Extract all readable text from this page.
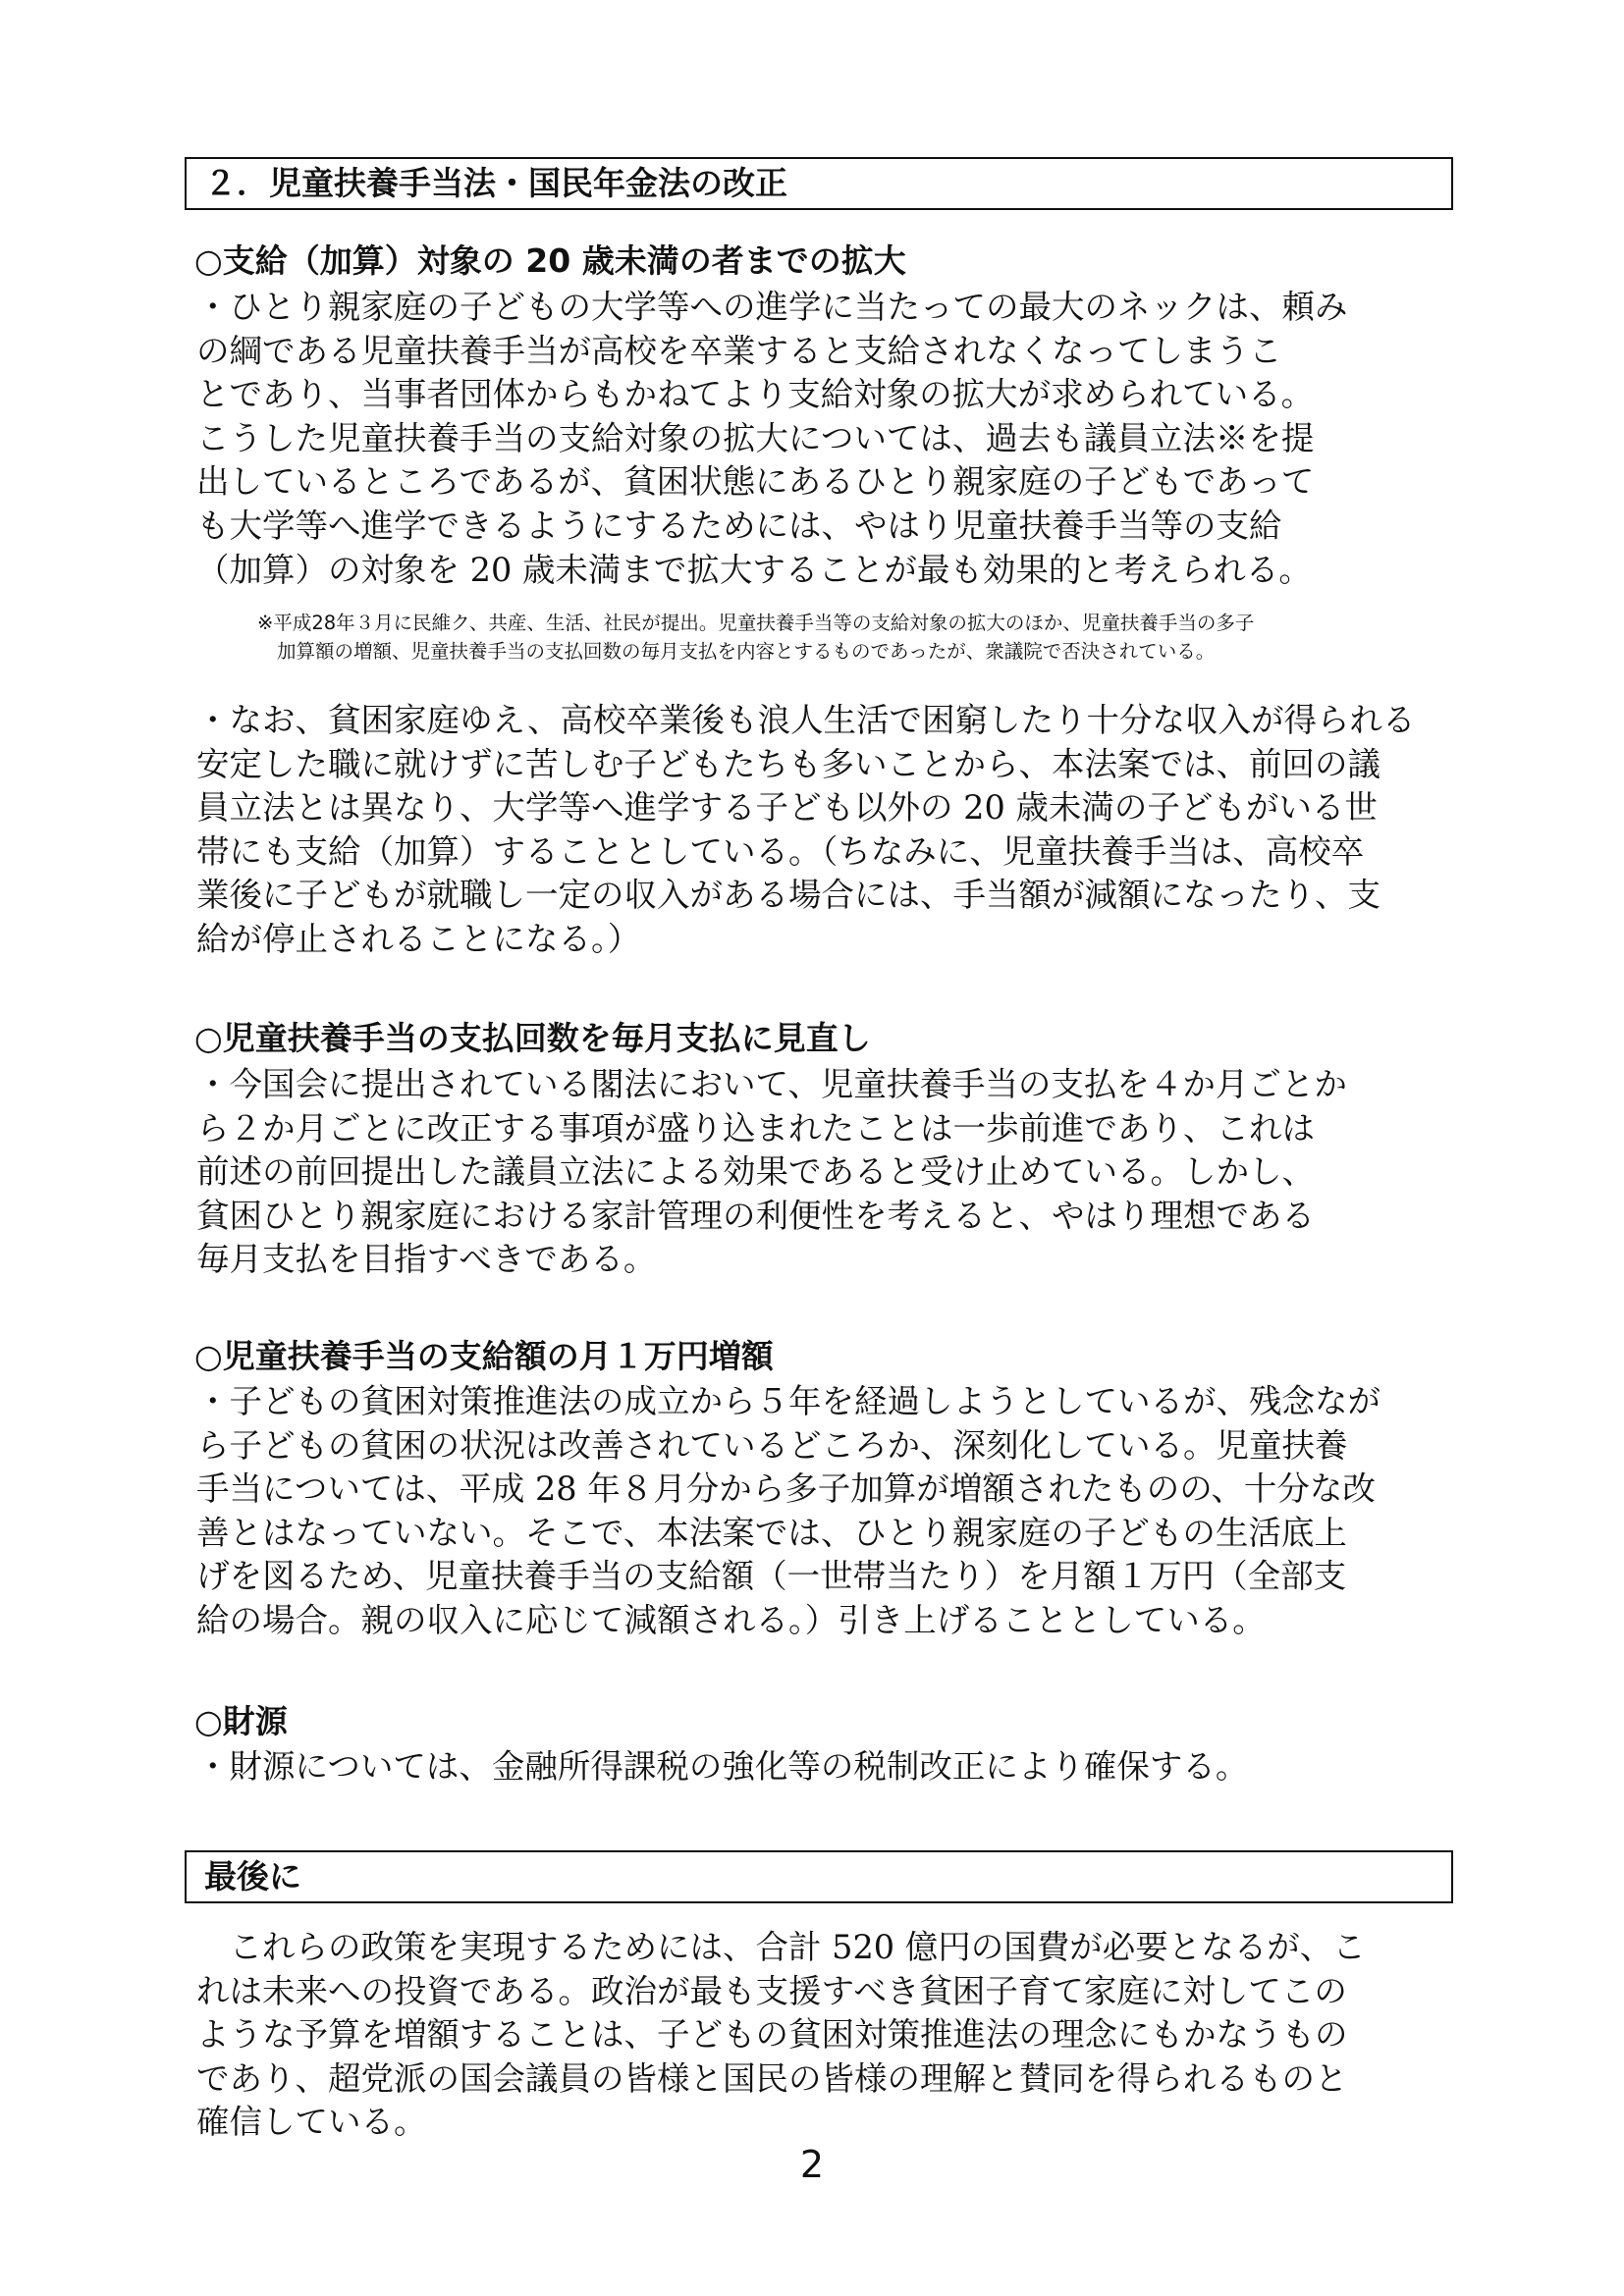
２．児童扶養手当法・国民年金法の改正
○支給（加算）対象の 20 歳未満の者までの拡大
・ひとり親家庭の子どもの大学等への進学に当たっての最大のネックは、頼み
の綱である児童扶養手当が高校を卒業すると支給されなくなってしまうこ
とであり、当事者団体からもかねてより支給対象の拡大が求められている。
こうした児童扶養手当の支給対象の拡大については、過去も議員立法※を提
出しているところであるが、貧困状態にあるひとり親家庭の子どもであって
も大学等へ進学できるようにするためには、やはり児童扶養手当等の支給
（加算）の対象を 20 歳未満まで拡大することが最も効果的と考えられる。
※平成28年３月に民維ク、共産、生活、社民が提出。児童扶養手当等の支給対象の拡大のほか、児童扶養手当の多子
加算額の増額、児童扶養手当の支払回数の毎月支払を内容とするものであったが、衆議院で否決されている。
・なお、貧困家庭ゆえ、高校卒業後も浪人生活で困窮したり十分な収入が得られる
安定した職に就けずに苦しむ子どもたちも多いことから、本法案では、前回の議
員立法とは異なり、大学等へ進学する子ども以外の 20 歳未満の子どもがいる世
帯にも支給（加算）することとしている。（ちなみに、児童扶養手当は、高校卒
業後に子どもが就職し一定の収入がある場合には、手当額が減額になったり、支
給が停止されることになる。）
○児童扶養手当の支払回数を毎月支払に見直し
・今国会に提出されている閣法において、児童扶養手当の支払を４か月ごとか
ら２か月ごとに改正する事項が盛り込まれたことは一歩前進であり、これは
前述の前回提出した議員立法による効果であると受け止めている。しかし、
貧困ひとり親家庭における家計管理の利便性を考えると、やはり理想である
毎月支払を目指すべきである。
○児童扶養手当の支給額の月１万円増額
・子どもの貧困対策推進法の成立から５年を経過しようとしているが、残念なが
ら子どもの貧困の状況は改善されているどころか、深刻化している。児童扶養
手当については、平成 28 年８月分から多子加算が増額されたものの、十分な改
善とはなっていない。そこで、本法案では、ひとり親家庭の子どもの生活底上
げを図るため、児童扶養手当の支給額（一世帯当たり）を月額１万円（全部支
給の場合。親の収入に応じて減額される。）引き上げることとしている。
○財源
・財源については、金融所得課税の強化等の税制改正により確保する。
最後に
　これらの政策を実現するためには、合計 520 億円の国費が必要となるが、こ
れは未来への投資である。政治が最も支援すべき貧困子育て家庭に対してこの
ような予算を増額することは、子どもの貧困対策推進法の理念にもかなうもの
であり、超党派の国会議員の皆様と国民の皆様の理解と賛同を得られるものと
確信している。
2
